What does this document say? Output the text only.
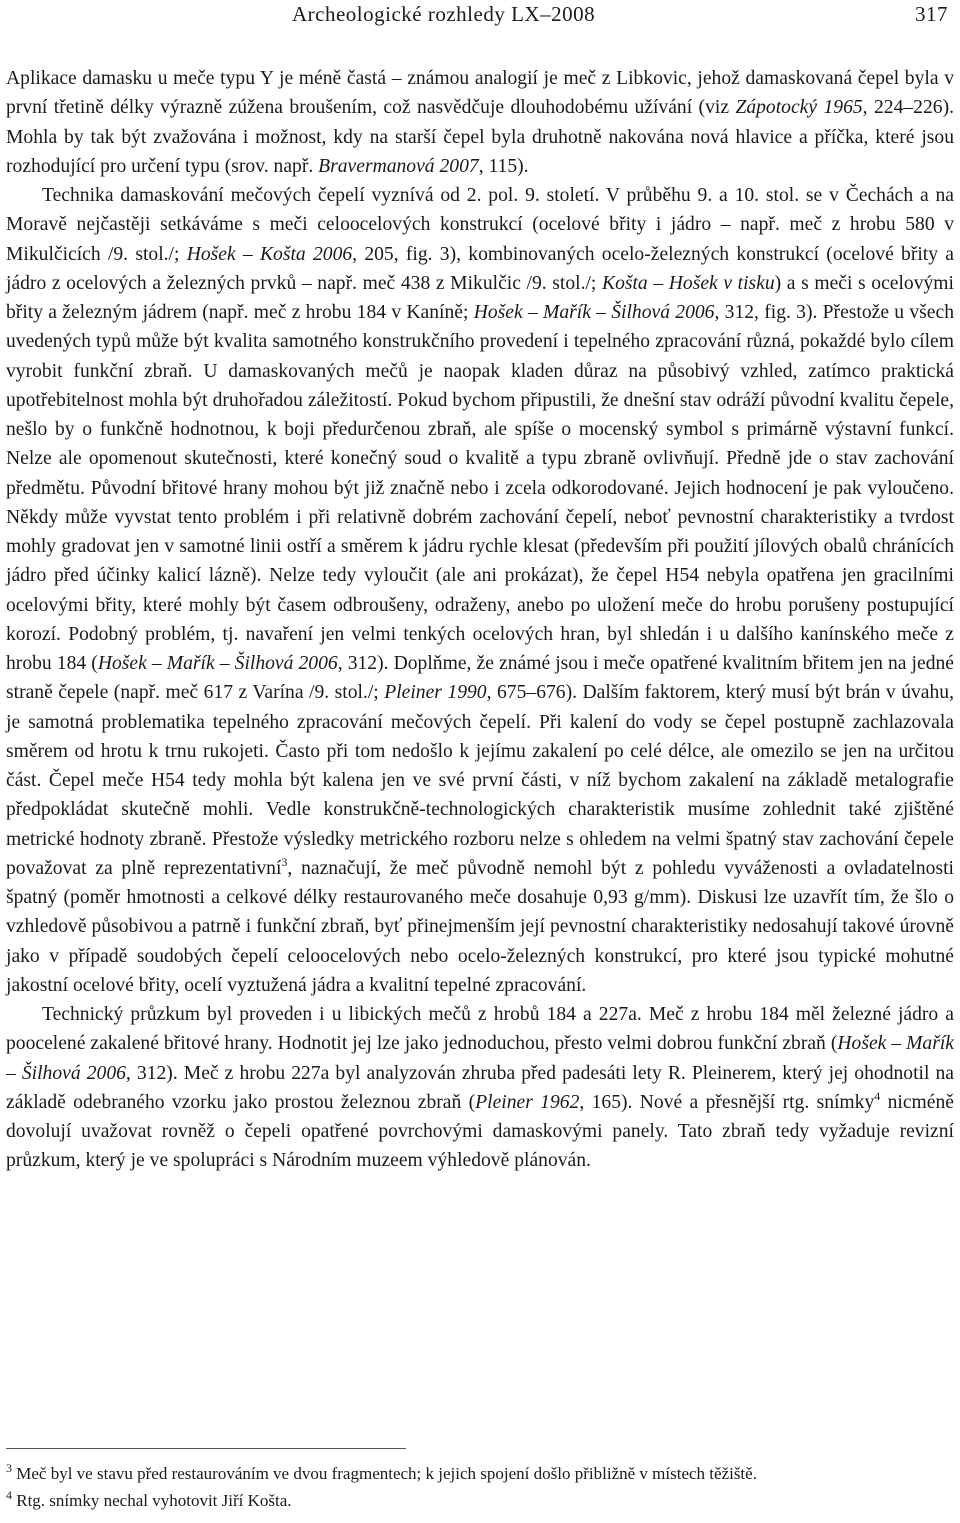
Archeologické rozhledy LX–2008	317

Aplikace damasku u meče typu Y je méně častá – známou analogií je meč z Libkovic, jehož damaskovaná čepel byla v první třetině délky výrazně zúžena broušením, což nasvědčuje dlouhodobému užívání (viz Zápotocký 1965, 224–226). Mohla by tak být zvažována i možnost, kdy na starší čepel byla druhotně nakována nová hlavice a příčka, které jsou rozhodující pro určení typu (srov. např. Bravermanová 2007, 115).

Technika damaskování mečových čepelí vyznívá od 2. pol. 9. století. V průběhu 9. a 10. stol. se v Čechách a na Moravě nejčastěji setkáváme s meči celoocelových konstrukcí (ocelové břity i jádro – např. meč z hrobu 580 v Mikulčicích /9. stol./; Hošek – Košta 2006, 205, fig. 3), kombinovaných ocelo-železných konstrukcí (ocelové břity a jádro z ocelových a železných prvků – např. meč 438 z Mikulčic /9. stol./; Košta – Hošek v tisku) a s meči s ocelovými břity a železným jádrem (např. meč z hrobu 184 v Kaníně; Hošek – Mařík – Šilhová 2006, 312, fig. 3). Přestože u všech uvedených typů může být kvalita samotného konstrukčního provedení i tepelného zpracování různá, pokaždé bylo cílem vyrobit funkční zbraň. U damaskovaných mečů je naopak kladen důraz na působivý vzhled, zatímco praktická upotřebitelnost mohla být druhořadou záležitostí. Pokud bychom připustili, že dnešní stav odráží původní kvalitu čepele, nešlo by o funkčně hodnotnou, k boji předurčenou zbraň, ale spíše o mocenský symbol s primárně výstavní funkcí. Nelze ale opomenout skutečnosti, které konečný soud o kvalitě a typu zbraně ovlivňují. Předně jde o stav zachování předmětu. Původní břitové hrany mohou být již značně nebo i zcela odkorodované. Jejich hodnocení je pak vyloučeno. Někdy může vyvstat tento problém i při relativně dobrém zachování čepelí, neboť pevnostní charakteristiky a tvrdost mohly gradovat jen v samotné linii ostří a směrem k jádru rychle klesat (především při použití jílových obalů chránících jádro před účinky kalicí lázně). Nelze tedy vyloučit (ale ani prokázat), že čepel H54 nebyla opatřena jen gracilními ocelovými břity, které mohly být časem odbroušeny, odraženy, anebo po uložení meče do hrobu porušeny postupující korozí. Podobný problém, tj. navaření jen velmi tenkých ocelových hran, byl shledán i u dalšího kanínského meče z hrobu 184 (Hošek – Mařík – Šilhová 2006, 312). Doplňme, že známé jsou i meče opatřené kvalitním břitem jen na jedné straně čepele (např. meč 617 z Varína /9. stol./; Pleiner 1990, 675–676). Dalším faktorem, který musí být brán v úvahu, je samotná problematika tepelného zpracování mečových čepelí. Při kalení do vody se čepel postupně zachlazovala směrem od hrotu k trnu rukojeti. Často při tom nedošlo k jejímu zakalení po celé délce, ale omezilo se jen na určitou část. Čepel meče H54 tedy mohla být kalena jen ve své první části, v níž bychom zakalení na základě metalografie předpokládat skutečně mohli. Vedle konstrukčně-technologických charakteristik musíme zohlednit také zjištěné metrické hodnoty zbraně. Přestože výsledky metrického rozboru nelze s ohledem na velmi špatný stav zachování čepele považovat za plně reprezentativní$^3$, naznačují, že meč původně nemohl být z pohledu vyváženosti a ovladatelnosti špatný (poměr hmotnosti a celkové délky restaurovaného meče dosahuje 0,93 g/mm). Diskusi lze uzavřít tím, že šlo o vzhledově působivou a patrně i funkční zbraň, byť přinejmenším její pevnostní charakteristiky nedosahují takové úrovně jako v případě soudobých čepelí celoocelových nebo ocelo-železných konstrukcí, pro které jsou typické mohutné jakostní ocelové břity, ocelí vyztužená jádra a kvalitní tepelné zpracování.

Technický průzkum byl proveden i u libických mečů z hrobů 184 a 227a. Meč z hrobu 184 měl železné jádro a poocelené zakalené břitové hrany. Hodnotit jej lze jako jednoduchou, přesto velmi dobrou funkční zbraň (Hošek – Mařík – Šilhová 2006, 312). Meč z hrobu 227a byl analyzován zhruba před padesáti lety R. Pleinerem, který jej ohodnotil na základě odebraného vzorku jako prostou železnou zbraň (Pleiner 1962, 165). Nové a přesnější rtg. snímky$^4$ nicméně dovolují uvažovat rovněž o čepeli opatřené povrchovými damaskovými panely. Tato zbraň tedy vyžaduje revizní průzkum, který je ve spolupráci s Národním muzeem výhledově plánován.

$^3$ Meč byl ve stavu před restaurováním ve dvou fragmentech; k jejich spojení došlo přibližně v místech těžiště.
$^4$ Rtg. snímky nechal vyhotovit Jiří Košta.
